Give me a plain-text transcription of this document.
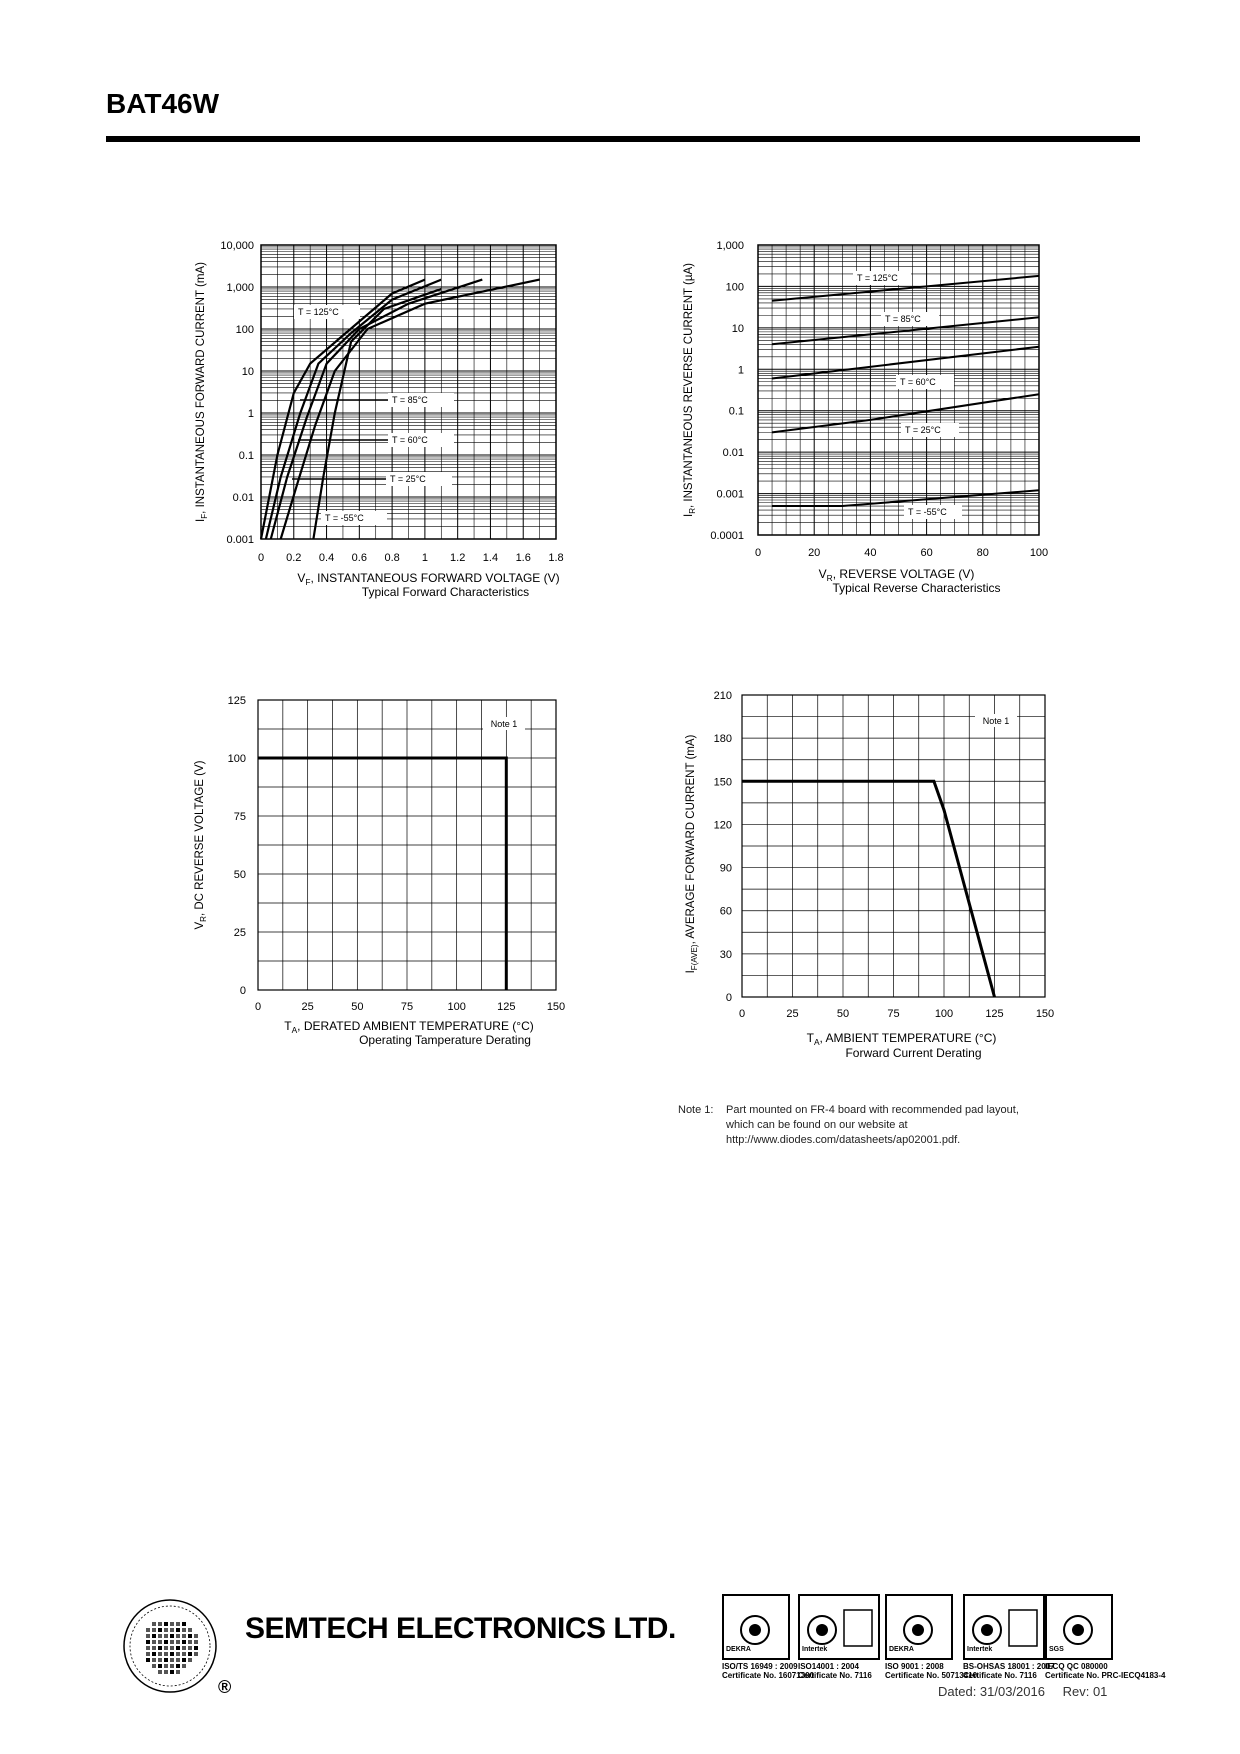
BAT46W
10,000
1,000
100
10
1
0.1
0.01
0.001
0 0.2 0.4 0.6 0.8 1 1.2 1.4 1.6 1.8
T = 125°C
T = 85°C
T = 60°C
T = 25°C
T = -55°C
$I_F$, INSTANTANEOUS FORWARD CURRENT (mA)
$V_F$, INSTANTANEOUS FORWARD VOLTAGE (V)
Typical Forward Characteristics
1,000
100
10
1
0.1
0.01
0.001
0.0001
0	20	40	60	80	100
T = 125°C
T = 85°C
T = 60°C
T = 25°C
T = -55°C
$I_R$, INSTANTANEOUS REVERSE CURRENT (µA)
$V_R$, REVERSE VOLTAGE (V)
Typical Reverse Characteristics
125
100
75
50
25
0
0	25	50	75	100	125	150
Note 1
$V_R$, DC REVERSE VOLTAGE (V)
$T_A$, DERATED AMBIENT TEMPERATURE (°C)
Operating Tamperature Derating
210
180
150
120
90
60
30
0
0	25	50	75	100	125	150
Note 1
$I_{F(AVE)}$, AVERAGE FORWARD CURRENT (mA)
$T_A$, AMBIENT TEMPERATURE (°C)
Forward Current Derating
Note 1: Part mounted on FR-4 board with recommended pad layout,
which can be found on our website at
http://www.diodes.com/datasheets/ap02001.pdf.
SEMTECH ELECTRONICS LTD.
®
DEKRA
ISO/TS 16949 : 2009
Certificate No. 16071300
Intertek
ISO14001 : 2004
Certificate No. 7116
DEKRA
ISO 9001 : 2008
Certificate No. 50713410
Intertek
BS-OHSAS 18001 : 2007
Certificate No. 7116
SGS
IECQ QC 080000
Certificate No. PRC-IECQ4183-4
Dated: 31/03/2016 Rev: 01
